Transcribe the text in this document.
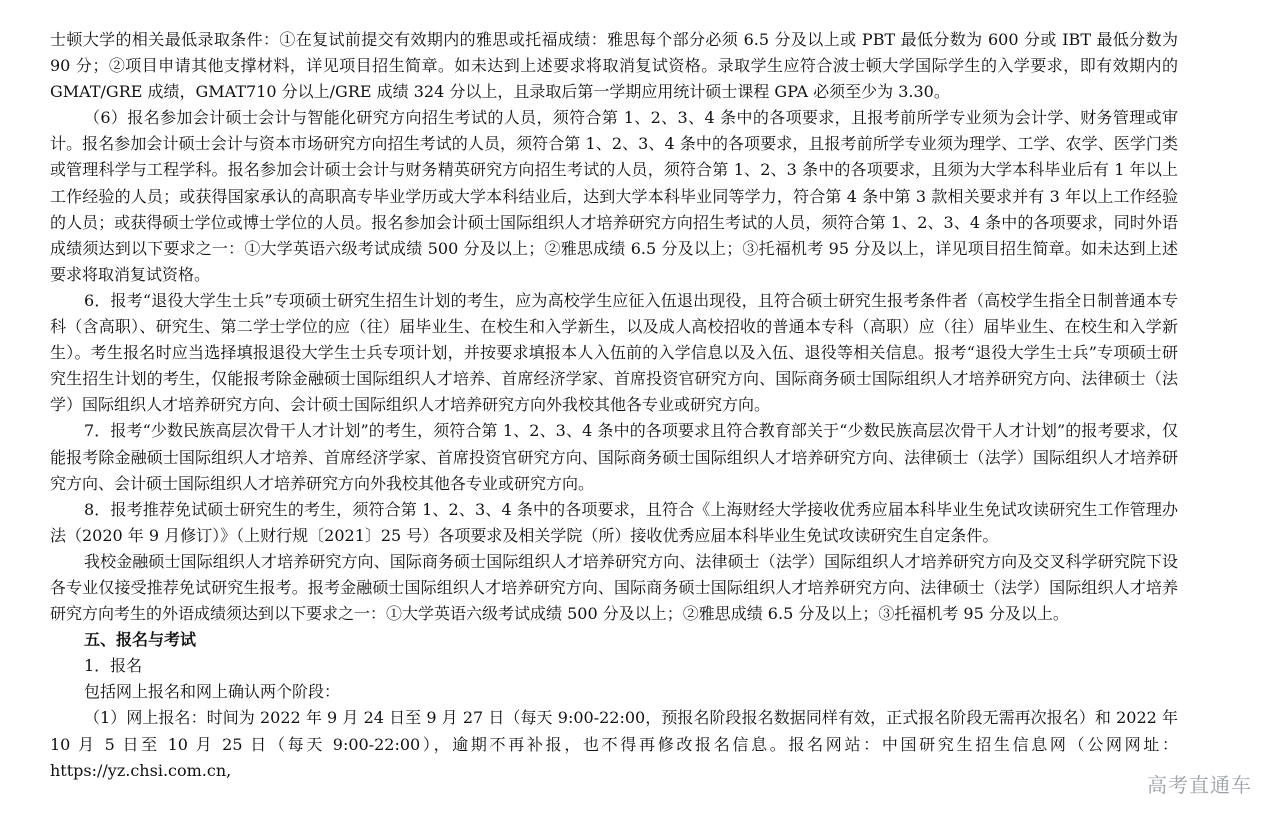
士顿大学的相关最低录取条件：①在复试前提交有效期内的雅思或托福成绩：雅思每个部分必须 6.5 分及以上或 PBT 最低分数为 600 分或 IBT 最低分数为 90 分；②项目申请其他支撑材料，详见项目招生简章。如未达到上述要求将取消复试资格。录取学生应符合波士顿大学国际学生的入学要求，即有效期内的 GMAT/GRE 成绩，GMAT710 分以上/GRE 成绩 324 分以上，且录取后第一学期应用统计硕士课程 GPA 必须至少为 3.30。

（6）报名参加会计硕士会计与智能化研究方向招生考试的人员，须符合第 1、2、3、4 条中的各项要求，且报考前所学专业须为会计学、财务管理或审计。报名参加会计硕士会计与资本市场研究方向招生考试的人员，须符合第 1、2、3、4 条中的各项要求，且报考前所学专业须为理学、工学、农学、医学门类或管理科学与工程学科。报名参加会计硕士会计与财务精英研究方向招生考试的人员，须符合第 1、2、3 条中的各项要求，且须为大学本科毕业后有 1 年以上工作经验的人员；或获得国家承认的高职高专毕业学历或大学本科结业后，达到大学本科毕业同等学力，符合第 4 条中第 3 款相关要求并有 3 年以上工作经验的人员；或获得硕士学位或博士学位的人员。报名参加会计硕士国际组织人才培养研究方向招生考试的人员，须符合第 1、2、3、4 条中的各项要求，同时外语成绩须达到以下要求之一：①大学英语六级考试成绩 500 分及以上；②雅思成绩 6.5 分及以上；③托福机考 95 分及以上，详见项目招生简章。如未达到上述要求将取消复试资格。

6．报考“退役大学生士兵”专项硕士研究生招生计划的考生，应为高校学生应征入伍退出现役，且符合硕士研究生报考条件者（高校学生指全日制普通本专科（含高职）、研究生、第二学士学位的应（往）届毕业生、在校生和入学新生，以及成人高校招收的普通本专科（高职）应（往）届毕业生、在校生和入学新生）。考生报名时应当选择填报退役大学生士兵专项计划，并按要求填报本人入伍前的入学信息以及入伍、退役等相关信息。报考“退役大学生士兵”专项硕士研究生招生计划的考生，仅能报考除金融硕士国际组织人才培养、首席经济学家、首席投资官研究方向、国际商务硕士国际组织人才培养研究方向、法律硕士（法学）国际组织人才培养研究方向、会计硕士国际组织人才培养研究方向外我校其他各专业或研究方向。

7．报考“少数民族高层次骨干人才计划”的考生，须符合第 1、2、3、4 条中的各项要求且符合教育部关于“少数民族高层次骨干人才计划”的报考要求，仅能报考除金融硕士国际组织人才培养、首席经济学家、首席投资官研究方向、国际商务硕士国际组织人才培养研究方向、法律硕士（法学）国际组织人才培养研究方向、会计硕士国际组织人才培养研究方向外我校其他各专业或研究方向。

8．报考推荐免试硕士研究生的考生，须符合第 1、2、3、4 条中的各项要求，且符合《上海财经大学接收优秀应届本科毕业生免试攻读研究生工作管理办法（2020 年 9 月修订）》（上财行规〔2021〕25 号）各项要求及相关学院（所）接收优秀应届本科毕业生免试攻读研究生自定条件。

我校金融硕士国际组织人才培养研究方向、国际商务硕士国际组织人才培养研究方向、法律硕士（法学）国际组织人才培养研究方向及交叉科学研究院下设各专业仅接受推荐免试研究生报考。报考金融硕士国际组织人才培养研究方向、国际商务硕士国际组织人才培养研究方向、法律硕士（法学）国际组织人才培养研究方向考生的外语成绩须达到以下要求之一：①大学英语六级考试成绩 500 分及以上；②雅思成绩 6.5 分及以上；③托福机考 95 分及以上。

五、报名与考试

1．报名

包括网上报名和网上确认两个阶段：

（1）网上报名：时间为 2022 年 9 月 24 日至 9 月 27 日（每天 9:00-22:00，预报名阶段报名数据同样有效，正式报名阶段无需再次报名）和 2022 年 10 月 5 日至 10 月 25 日（每天 9:00-22:00），逾期不再补报，也不得再修改报名信息。报名网站：中国研究生招生信息网（公网网址：https://yz.chsi.com.cn,

高考直通车
